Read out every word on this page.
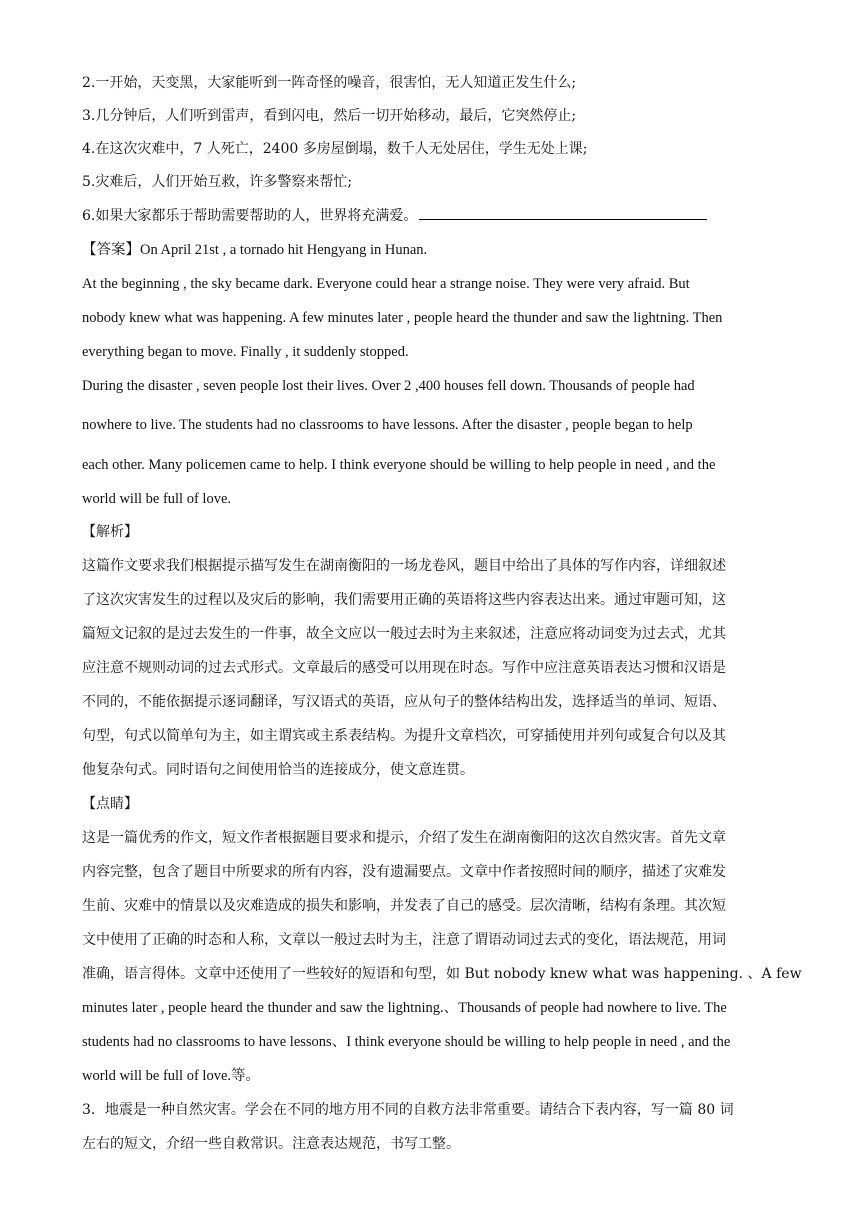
2.一开始，天变黑，大家能听到一阵奇怪的噪音，很害怕，无人知道正发生什么;
3.几分钟后，人们听到雷声，看到闪电，然后一切开始移动，最后，它突然停止;
4.在这次灾难中，7 人死亡，2400 多房屋倒塌，数千人无处居住，学生无处上课;
5.灾难后，人们开始互救，许多警察来帮忙;
6.如果大家都乐于帮助需要帮助的人，世界将充满爱。
【答案】On April 21st , a tornado hit Hengyang in Hunan.
At the beginning , the sky became dark. Everyone could hear a strange noise. They were very afraid. But
nobody knew what was happening. A few minutes later , people heard the thunder and saw the lightning. Then
everything began to move. Finally , it suddenly stopped.
During the disaster , seven people lost their lives. Over 2 ,400 houses fell down. Thousands of people had
nowhere to live. The students had no classrooms to have lessons. After the disaster , people began to help
each other. Many policemen came to help. I think everyone should be willing to help people in need , and the
world will be full of love.
【解析】
这篇作文要求我们根据提示描写发生在湖南衡阳的一场龙卷风，题目中给出了具体的写作内容，详细叙述
了这次灾害发生的过程以及灾后的影响，我们需要用正确的英语将这些内容表达出来。通过审题可知，这
篇短文记叙的是过去发生的一件事，故全文应以一般过去时为主来叙述，注意应将动词变为过去式，尤其
应注意不规则动词的过去式形式。文章最后的感受可以用现在时态。写作中应注意英语表达习惯和汉语是
不同的，不能依据提示逐词翻译，写汉语式的英语，应从句子的整体结构出发，选择适当的单词、短语、
句型，句式以简单句为主，如主谓宾或主系表结构。为提升文章档次，可穿插使用并列句或复合句以及其
他复杂句式。同时语句之间使用恰当的连接成分，使文意连贯。
【点睛】
这是一篇优秀的作文，短文作者根据题目要求和提示，介绍了发生在湖南衡阳的这次自然灾害。首先文章
内容完整，包含了题目中所要求的所有内容，没有遗漏要点。文章中作者按照时间的顺序，描述了灾难发
生前、灾难中的情景以及灾难造成的损失和影响，并发表了自己的感受。层次清晰，结构有条理。其次短
文中使用了正确的时态和人称，文章以一般过去时为主，注意了谓语动词过去式的变化，语法规范，用词
准确，语言得体。文章中还使用了一些较好的短语和句型，如 But nobody knew what was happening. 、A few
minutes later , people heard the thunder and saw the lightning.、Thousands of people had nowhere to live. The
students had no classrooms to have lessons、I think everyone should be willing to help people in need , and the
world will be full of love.等。
3．地震是一种自然灾害。学会在不同的地方用不同的自救方法非常重要。请结合下表内容，写一篇 80 词
左右的短文，介绍一些自救常识。注意表达规范，书写工整。
